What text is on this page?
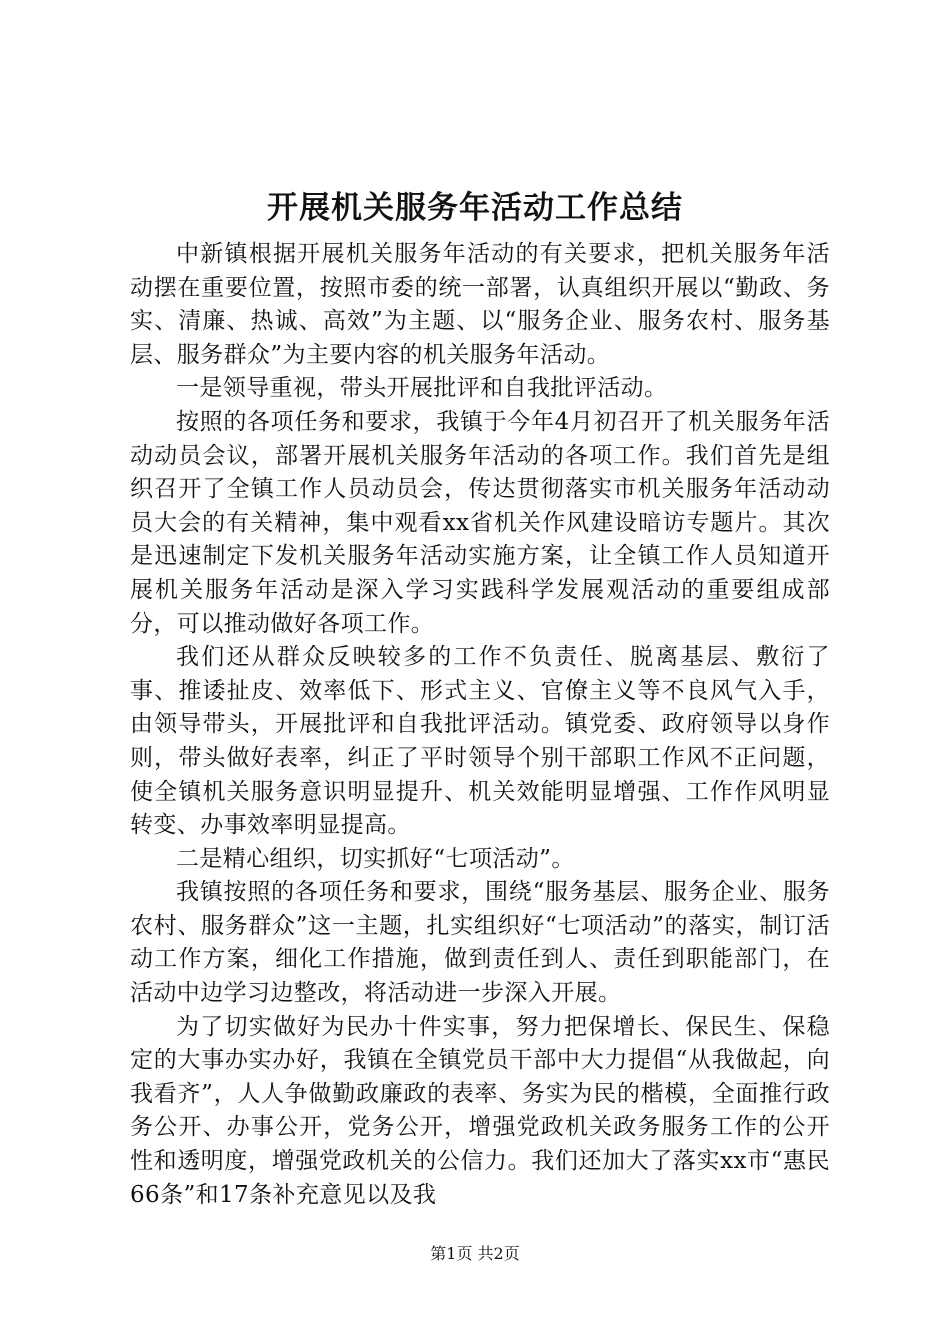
开展机关服务年活动工作总结

中新镇根据开展机关服务年活动的有关要求，把机关服务年活动摆在重要位置，按照市委的统一部署，认真组织开展以“勤政、务实、清廉、热诚、高效”为主题、以“服务企业、服务农村、服务基层、服务群众”为主要内容的机关服务年活动。

一是领导重视，带头开展批评和自我批评活动。

按照的各项任务和要求，我镇于今年4月初召开了机关服务年活动动员会议，部署开展机关服务年活动的各项工作。我们首先是组织召开了全镇工作人员动员会，传达贯彻落实市机关服务年活动动员大会的有关精神，集中观看xx省机关作风建设暗访专题片。其次是迅速制定下发机关服务年活动实施方案，让全镇工作人员知道开展机关服务年活动是深入学习实践科学发展观活动的重要组成部分，可以推动做好各项工作。

我们还从群众反映较多的工作不负责任、脱离基层、敷衍了事、推诿扯皮、效率低下、形式主义、官僚主义等不良风气入手，由领导带头，开展批评和自我批评活动。镇党委、政府领导以身作则，带头做好表率，纠正了平时领导个别干部职工作风不正问题，使全镇机关服务意识明显提升、机关效能明显增强、工作作风明显转变、办事效率明显提高。

二是精心组织，切实抓好“七项活动”。

我镇按照的各项任务和要求，围绕“服务基层、服务企业、服务农村、服务群众”这一主题，扎实组织好“七项活动”的落实，制订活动工作方案，细化工作措施，做到责任到人、责任到职能部门，在活动中边学习边整改，将活动进一步深入开展。

为了切实做好为民办十件实事，努力把保增长、保民生、保稳定的大事办实办好，我镇在全镇党员干部中大力提倡“从我做起，向我看齐”，人人争做勤政廉政的表率、务实为民的楷模，全面推行政务公开、办事公开，党务公开，增强党政机关政务服务工作的公开性和透明度，增强党政机关的公信力。我们还加大了落实xx市“惠民66条”和17条补充意见以及我

第1页 共2页
